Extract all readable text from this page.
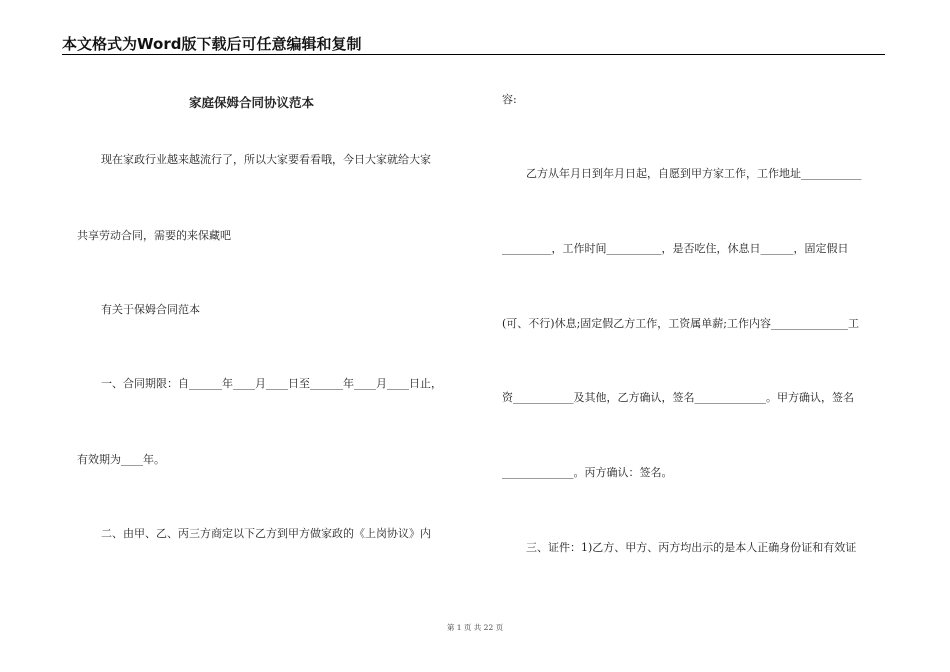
本文格式为Word版下载后可任意编辑和复制
家庭保姆合同协议范本
现在家政行业越来越流行了，所以大家要看看哦，今日大家就给大家
共享劳动合同，需要的来保藏吧
有关于保姆合同范本
一、合同期限：自______年____月____日至______年____月____日止，
有效期为____年。
二、由甲、乙、丙三方商定以下乙方到甲方做家政的《上岗协议》内
容:
乙方从年月日到年月日起，自愿到甲方家工作，工作地址___________
_________，工作时间__________，是否吃住，休息日______，固定假日
(可、不行)休息;固定假乙方工作，工资属单薪;工作内容______________工
资___________及其他，乙方确认，签名_____________。甲方确认，签名
_____________。丙方确认：签名。
三、证件：1)乙方、甲方、丙方均出示的是本人正确身份证和有效证
第 1 页 共 22 页
